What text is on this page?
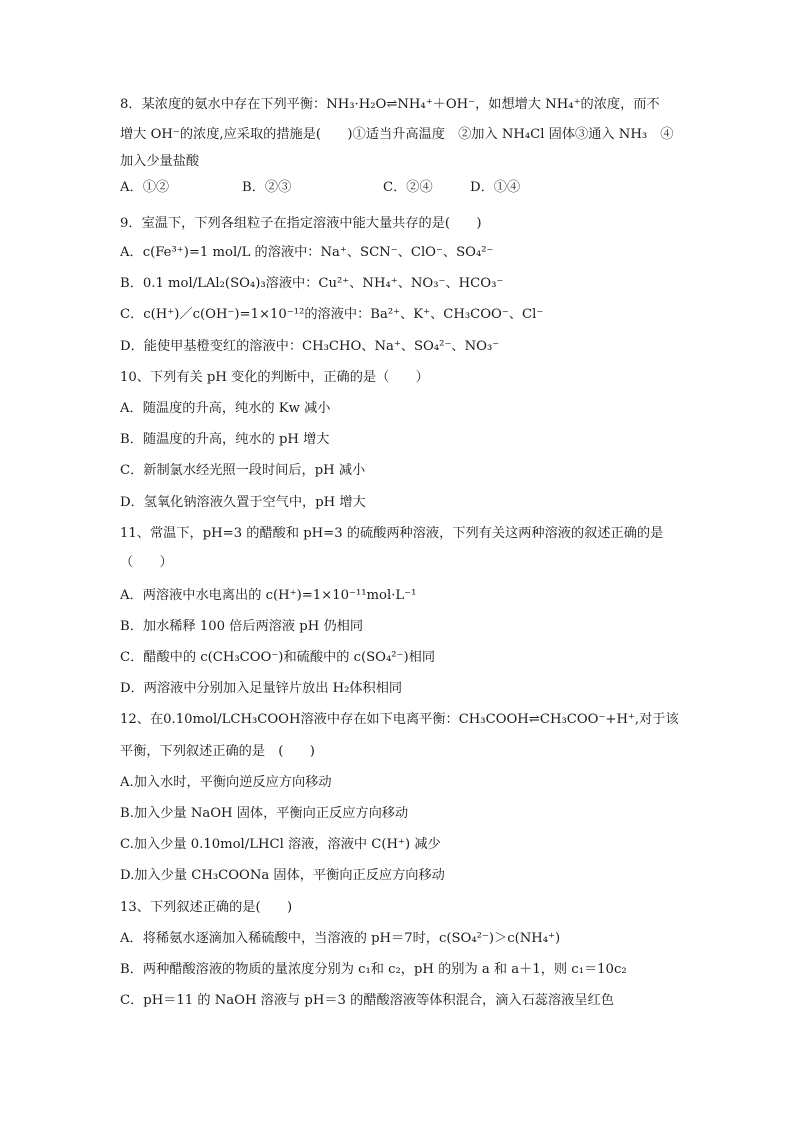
8．某浓度的氨水中存在下列平衡：NH₃·H₂O⇌NH₄⁺＋OH⁻，如想增大 NH₄⁺的浓度，而不
增大 OH⁻的浓度,应采取的措施是(　　)①适当升高温度　②加入 NH₄Cl 固体③通入 NH₃　④
加入少量盐酸
A．①②	B．②③	C．②④	D．①④
9．室温下，下列各组粒子在指定溶液中能大量共存的是(　　)
A．c(Fe³⁺)=1 mol/L 的溶液中：Na⁺、SCN⁻、ClO⁻、SO₄²⁻
B．0.1 mol/LAl₂(SO₄)₃溶液中：Cu²⁺、NH₄⁺、NO₃⁻、HCO₃⁻
C．c(H⁺)／c(OH⁻)=1×10⁻¹²的溶液中：Ba²⁺、K⁺、CH₃COO⁻、Cl⁻
D．能使甲基橙变红的溶液中：CH₃CHO、Na⁺、SO₄²⁻、NO₃⁻
10、下列有关 pH 变化的判断中，正确的是（　　）
A．随温度的升高，纯水的 Kw 减小
B．随温度的升高，纯水的 pH 增大
C．新制氯水经光照一段时间后，pH 减小
D．氢氧化钠溶液久置于空气中，pH 增大
11、常温下，pH=3 的醋酸和 pH=3 的硫酸两种溶液，下列有关这两种溶液的叙述正确的是
（　　）
A．两溶液中水电离出的 c(H⁺)=1×10⁻¹¹mol·L⁻¹
B．加水稀释 100 倍后两溶液 pH 仍相同
C．醋酸中的 c(CH₃COO⁻)和硫酸中的 c(SO₄²⁻)相同
D．两溶液中分别加入足量锌片放出 H₂体积相同
12、在0.10mol/LCH₃COOH溶液中存在如下电离平衡：CH₃COOH⇌CH₃COO⁻+H⁺,对于该
平衡，下列叙述正确的是　(　　)
A.加入水时，平衡向逆反应方向移动
B.加入少量 NaOH 固体，平衡向正反应方向移动
C.加入少量 0.10mol/LHCl 溶液，溶液中 C(H⁺) 减少
D.加入少量 CH₃COONa 固体，平衡向正反应方向移动
13、下列叙述正确的是(　　)
A．将稀氨水逐滴加入稀硫酸中，当溶液的 pH＝7时，c(SO₄²⁻)＞c(NH₄⁺)
B．两种醋酸溶液的物质的量浓度分别为 c₁和 c₂，pH 的别为 a 和 a＋1，则 c₁＝10c₂
C．pH＝11 的 NaOH 溶液与 pH＝3 的醋酸溶液等体积混合，滴入石蕊溶液呈红色
